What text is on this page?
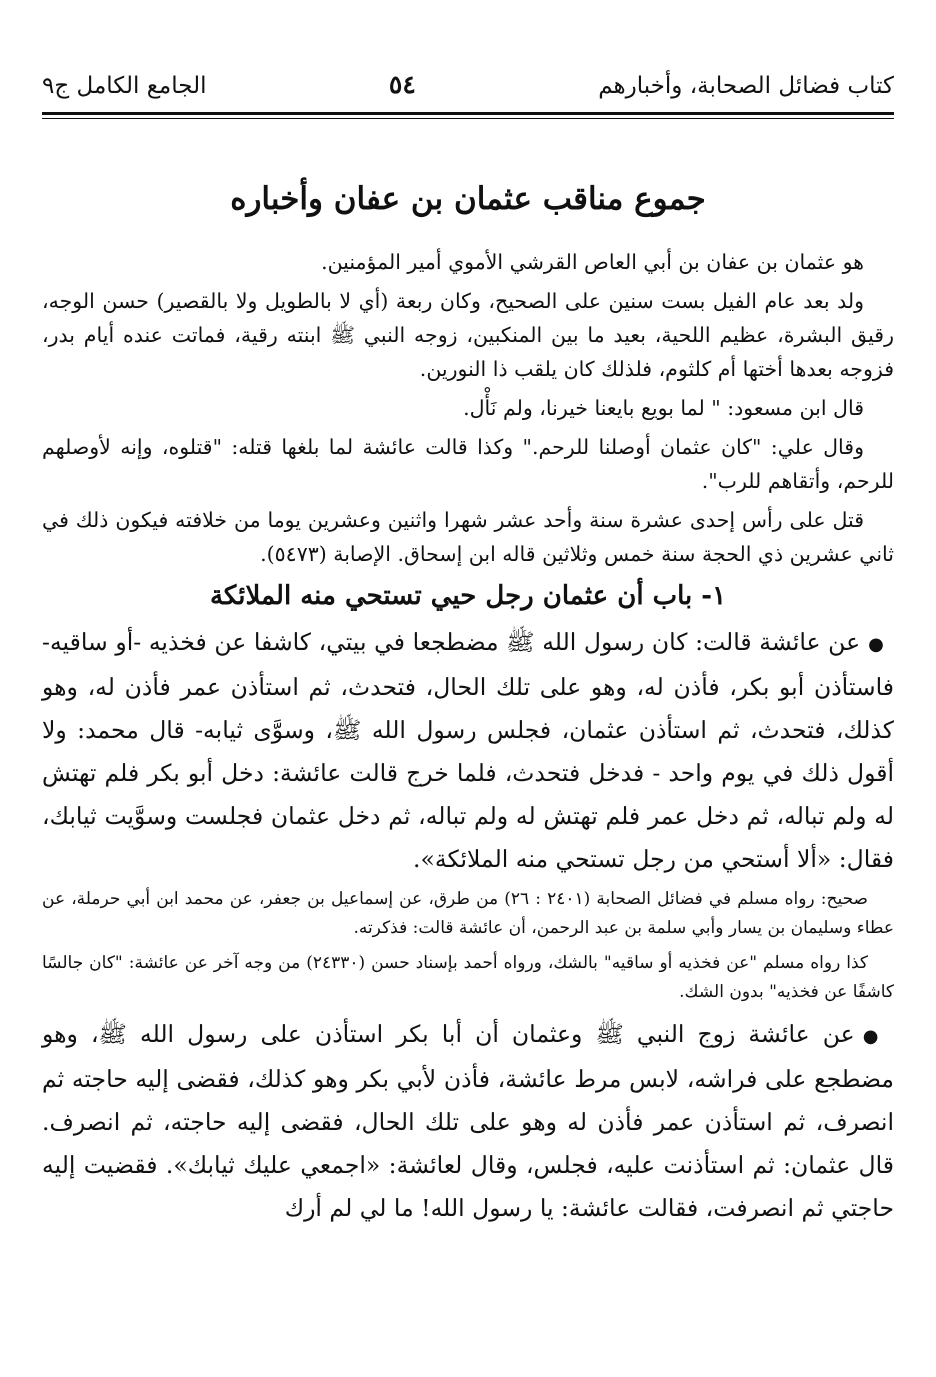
كتاب فضائل الصحابة، وأخبارهم
٥٤
الجامع الكامل ج٩
جموع مناقب عثمان بن عفان وأخباره

هو عثمان بن عفان بن أبي العاص القرشي الأموي أمير المؤمنين.

ولد بعد عام الفيل بست سنين على الصحيح، وكان ربعة (أي لا بالطويل ولا بالقصير) حسن الوجه، رقيق البشرة، عظيم اللحية، بعيد ما بين المنكبين، زوجه النبي ﷺ ابنته رقية، فماتت عنده أيام بدر، فزوجه بعدها أختها أم كلثوم، فلذلك كان يلقب ذا النورين.

قال ابن مسعود: " لما بويع بايعنا خيرنا، ولم نَأْل.

وقال علي: "كان عثمان أوصلنا للرحم." وكذا قالت عائشة لما بلغها قتله: "قتلوه، وإنه لأوصلهم للرحم، وأتقاهم للرب".

قتل على رأس إحدى عشرة سنة وأحد عشر شهرا واثنين وعشرين يوما من خلافته فيكون ذلك في ثاني عشرين ذي الحجة سنة خمس وثلاثين قاله ابن إسحاق. الإصابة (٥٤٧٣).

١- باب أن عثمان رجل حيي تستحي منه الملائكة

●عن عائشة قالت: كان رسول الله ﷺ مضطجعا في بيتي، كاشفا عن فخذيه -أو ساقيه- فاستأذن أبو بكر، فأذن له، وهو على تلك الحال، فتحدث، ثم استأذن عمر فأذن له، وهو كذلك، فتحدث، ثم استأذن عثمان، فجلس رسول الله ﷺ، وسوَّى ثيابه- قال محمد: ولا أقول ذلك في يوم واحد - فدخل فتحدث، فلما خرج قالت عائشة: دخل أبو بكر فلم تهتش له ولم تباله، ثم دخل عمر فلم تهتش له ولم تباله، ثم دخل عثمان فجلست وسوَّيت ثيابك، فقال: «ألا أستحي من رجل تستحي منه الملائكة».

صحيح: رواه مسلم في فضائل الصحابة (٢٤٠١ : ٢٦) من طرق، عن إسماعيل بن جعفر، عن محمد ابن أبي حرملة، عن عطاء وسليمان بن يسار وأبي سلمة بن عبد الرحمن، أن عائشة قالت: فذكرته.

كذا رواه مسلم "عن فخذيه أو ساقيه" بالشك، ورواه أحمد بإسناد حسن (٢٤٣٣٠) من وجه آخر عن عائشة: "كان جالسًا كاشفًا عن فخذيه" بدون الشك.

●عن عائشة زوج النبي ﷺ وعثمان أن أبا بكر استأذن على رسول الله ﷺ، وهو مضطجع على فراشه، لابس مرط عائشة، فأذن لأبي بكر وهو كذلك، فقضى إليه حاجته ثم انصرف، ثم استأذن عمر فأذن له وهو على تلك الحال، فقضى إليه حاجته، ثم انصرف. قال عثمان: ثم استأذنت عليه، فجلس، وقال لعائشة: «اجمعي عليك ثيابك». فقضيت إليه حاجتي ثم انصرفت، فقالت عائشة: يا رسول الله! ما لي لم أرك
